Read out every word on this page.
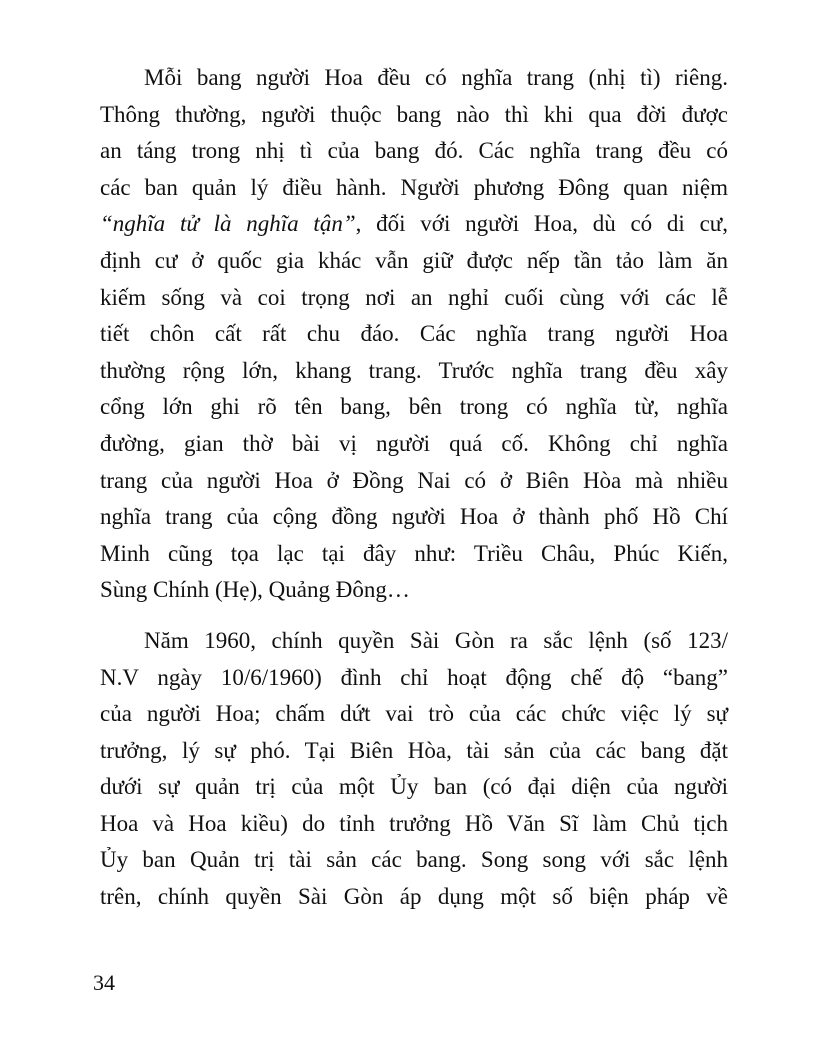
Mỗi bang người Hoa đều có nghĩa trang (nhị tì) riêng.
Thông thường, người thuộc bang nào thì khi qua đời được
an táng trong nhị tì của bang đó. Các nghĩa trang đều có
các ban quản lý điều hành. Người phương Đông quan niệm
“nghĩa tử là nghĩa tận”, đối với người Hoa, dù có di cư,
định cư ở quốc gia khác vẫn giữ được nếp tần tảo làm ăn
kiếm sống và coi trọng nơi an nghỉ cuối cùng với các lễ
tiết chôn cất rất chu đáo. Các nghĩa trang người Hoa
thường rộng lớn, khang trang. Trước nghĩa trang đều xây
cổng lớn ghi rõ tên bang, bên trong có nghĩa từ, nghĩa
đường, gian thờ bài vị người quá cố. Không chỉ nghĩa
trang của người Hoa ở Đồng Nai có ở Biên Hòa mà nhiều
nghĩa trang của cộng đồng người Hoa ở thành phố Hồ Chí
Minh cũng tọa lạc tại đây như: Triều Châu, Phúc Kiến,
Sùng Chính (Hẹ), Quảng Đông…
Năm 1960, chính quyền Sài Gòn ra sắc lệnh (số 123/
N.V ngày 10/6/1960) đình chỉ hoạt động chế độ “bang”
của người Hoa; chấm dứt vai trò của các chức việc lý sự
trưởng, lý sự phó. Tại Biên Hòa, tài sản của các bang đặt
dưới sự quản trị của một Ủy ban (có đại diện của người
Hoa và Hoa kiều) do tỉnh trưởng Hồ Văn Sĩ làm Chủ tịch
Ủy ban Quản trị tài sản các bang. Song song với sắc lệnh
trên, chính quyền Sài Gòn áp dụng một số biện pháp về
34
